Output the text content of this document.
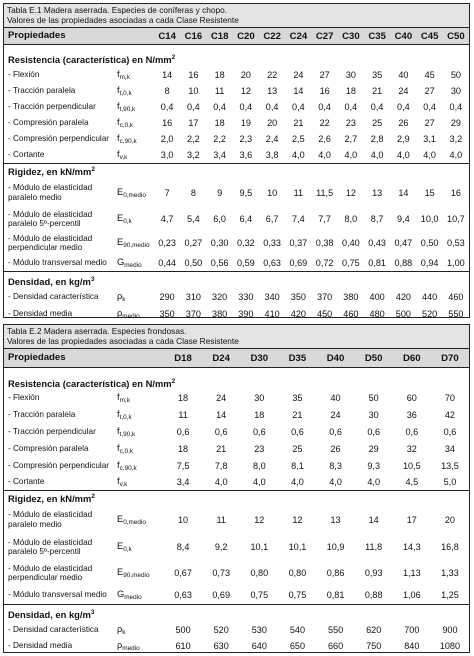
Tabla E.1 Madera aserrada. Especies de coníferas y chopo.
Valores de las propiedades asociadas a cada Clase Resistente
Propiedades	C14 C16 C18 C20 C22 C24 C27 C30 C35 C40 C45 C50
Resistencia (característica) en $N/mm^2$
- Flexión	$f_{m,k}$	14	16	18	20	22	24	27	30	35	40	45	50
- Tracción paralela	$f_{t,0,k}$	8	10	11	12	13	14	16	18	21	24	27	30
- Tracción perpendicular	$f_{t,90,k}$	0,4	0,4	0,4	0,4	0,4	0,4	0,4	0,4	0,4	0,4	0,4	0,4
- Compresión paralela	$f_{c,0,k}$	16	17	18	19	20	21	22	23	25	26	27	29
- Compresión perpendicular $f_{c,90,k}$	2,0	2,2	2,2	2,3	2,4	2,5	2,6	2,7	2,8	2,9	3,1	3,2
- Cortante	$f_{v,k}$	3,0	3,2	3,4	3,6	3,8	4,0	4,0	4,0	4,0	4,0	4,0	4,0
Rigidez, en $kN/mm^2$
- Módulo de elasticidad paralelo medio
$E_{0,medio}$	7	8	9	9,5	10	11	11,5	12	13	14	15	16
- Módulo de elasticidad paralelo 5º-percentil
$E_{0,k}$	4,7	5,4	6,0	6,4	6,7	7,4	7,7	8,0	8,7	9,4	10,0 10,7
- Módulo de elasticidad perpendicular medio
$E_{90,medio}$ 0,23 0,27 0,30 0,32 0,33 0,37 0,38 0,40 0,43 0,47 0,50 0,53
- Módulo transversal medio	$G_{medio}$	0,44 0,50 0,56 0,59 0,63 0,69 0,72 0,75 0,81 0,88 0,94 1,00
Densidad, en $kg/m^3$
- Densidad característica	$\rho_k$	290	310	320	330	340	350	370	380	400	420	440	460
- Densidad media	$\rho_{medio}$	350	370	380	390	410	420	450	460	480	500	520	550
Tabla E.2 Madera aserrada. Especies frondosas.
Valores de las propiedades asociadas a cada Clase Resistente
Propiedades	D18	D24	D30	D35	D40	D50	D60	D70
Resistencia (característica) en $N/mm^2$
- Flexión	$f_{m,k}$	18	24	30	35	40	50	60	70
- Tracción paralela	$f_{t,0,k}$	11	14	18	21	24	30	36	42
- Tracción perpendicular	$f_{t,90,k}$	0,6	0,6	0,6	0,6	0,6	0,6	0,6	0,6
- Compresión paralela	$f_{c,0,k}$	18	21	23	25	26	29	32	34
- Compresión perpendicular $f_{c,90,k}$	7,5	7,8	8,0	8,1	8,3	9,3	10,5	13,5
- Cortante	$f_{v,k}$	3,4	4,0	4,0	4,0	4,0	4,0	4,5	5,0
Rigidez, en $kN/mm^2$
- Módulo de elasticidad paralelo medio
$E_{0,medio}$	10	11	12	12	13	14	17	20
- Módulo de elasticidad paralelo 5º-percentil
$E_{0,k}$	8,4	9,2	10,1	10,1	10,9	11,8	14,3	16,8
- Módulo de elasticidad perpendicular medio
$E_{90,medio}$	0,67	0,73	0,80	0,80	0,86	0,93	1,13	1,33
- Módulo transversal medio	$G_{medio}$	0,63	0,69	0,75	0,75	0,81	0,88	1,06	1,25
Densidad, en $kg/m^3$
- Densidad característica	$\rho_k$	500	520	530	540	550	620	700	900
- Densidad media	$\rho_{medio}$	610	630	640	650	660	750	840	1080
